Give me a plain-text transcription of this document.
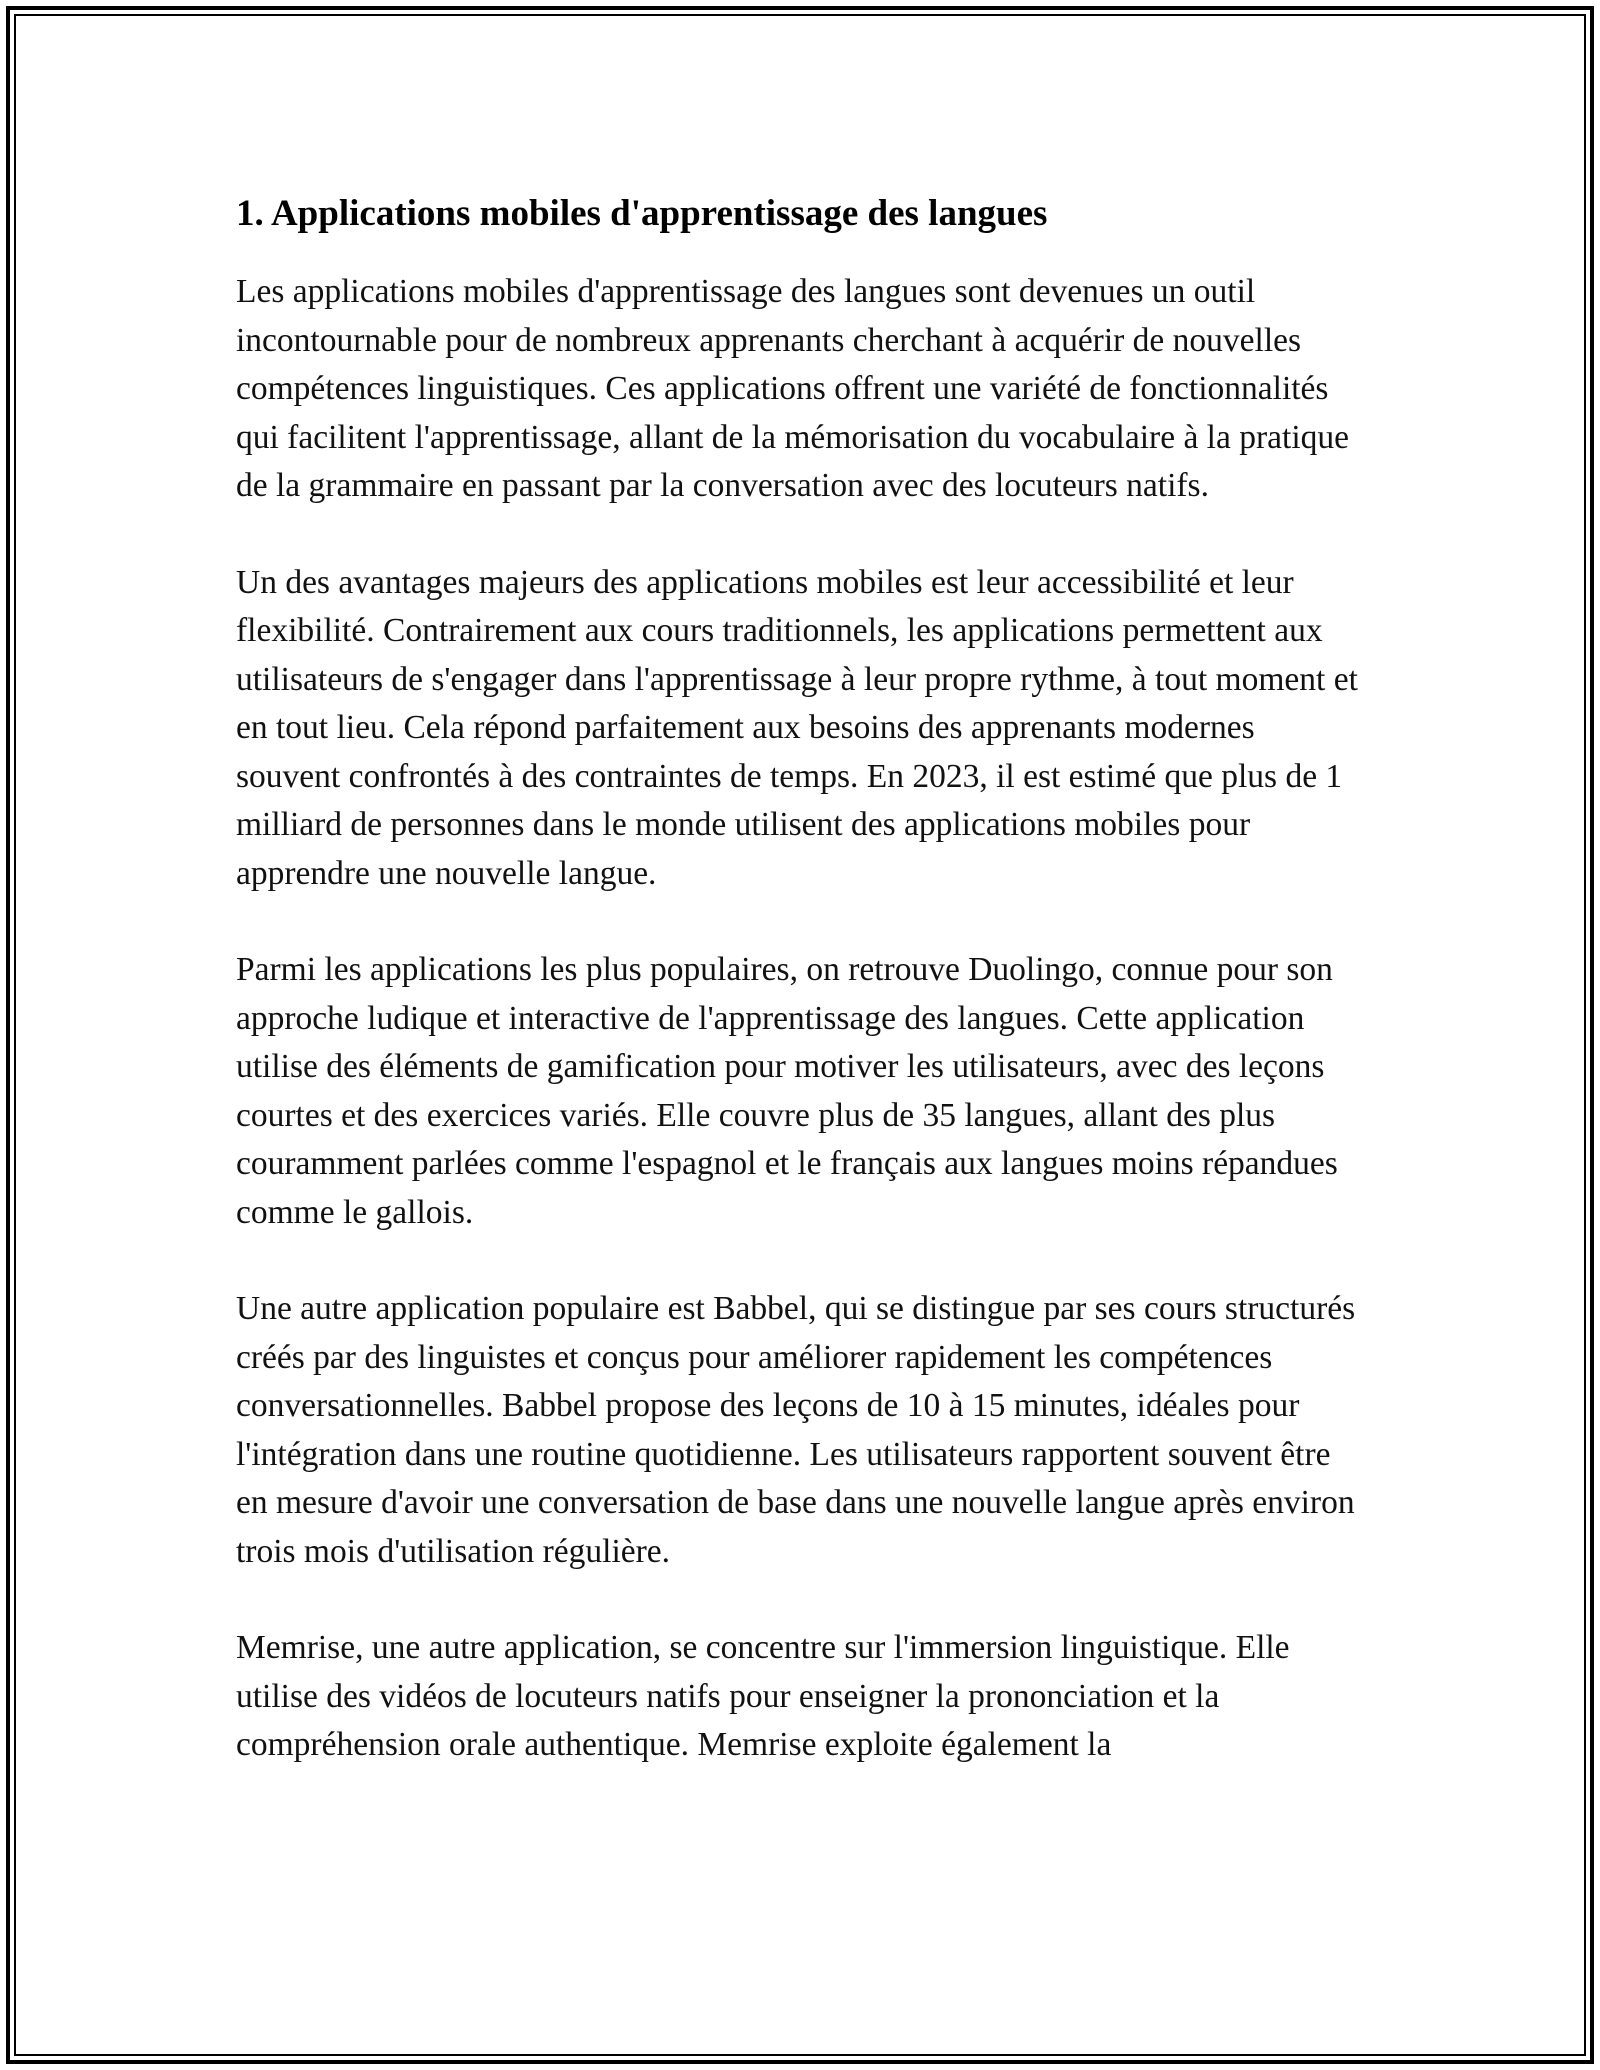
1. Applications mobiles d'apprentissage des langues

Les applications mobiles d'apprentissage des langues sont devenues un outil incontournable pour de nombreux apprenants cherchant à acquérir de nouvelles compétences linguistiques. Ces applications offrent une variété de fonctionnalités qui facilitent l'apprentissage, allant de la mémorisation du vocabulaire à la pratique de la grammaire en passant par la conversation avec des locuteurs natifs.

Un des avantages majeurs des applications mobiles est leur accessibilité et leur flexibilité. Contrairement aux cours traditionnels, les applications permettent aux utilisateurs de s'engager dans l'apprentissage à leur propre rythme, à tout moment et en tout lieu. Cela répond parfaitement aux besoins des apprenants modernes souvent confrontés à des contraintes de temps. En 2023, il est estimé que plus de 1 milliard de personnes dans le monde utilisent des applications mobiles pour apprendre une nouvelle langue.

Parmi les applications les plus populaires, on retrouve Duolingo, connue pour son approche ludique et interactive de l'apprentissage des langues. Cette application utilise des éléments de gamification pour motiver les utilisateurs, avec des leçons courtes et des exercices variés. Elle couvre plus de 35 langues, allant des plus couramment parlées comme l'espagnol et le français aux langues moins répandues comme le gallois.

Une autre application populaire est Babbel, qui se distingue par ses cours structurés créés par des linguistes et conçus pour améliorer rapidement les compétences conversationnelles. Babbel propose des leçons de 10 à 15 minutes, idéales pour l'intégration dans une routine quotidienne. Les utilisateurs rapportent souvent être en mesure d'avoir une conversation de base dans une nouvelle langue après environ trois mois d'utilisation régulière.

Memrise, une autre application, se concentre sur l'immersion linguistique. Elle utilise des vidéos de locuteurs natifs pour enseigner la prononciation et la compréhension orale authentique. Memrise exploite également la
